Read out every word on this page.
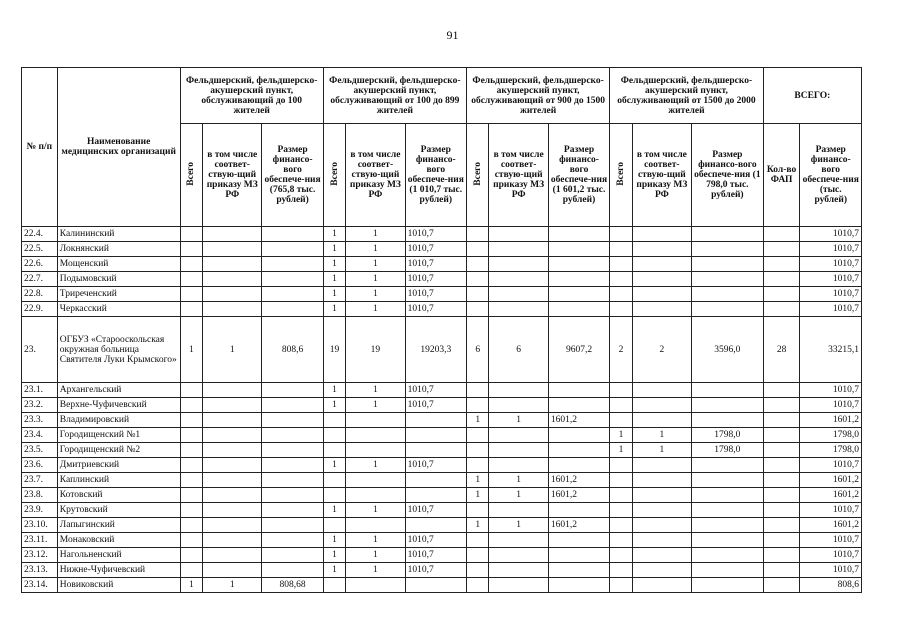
91
№ п/п	Наименование медицинских организаций	Фельдшерский, фельдшерско-акушерский пункт, обслуживающий до 100 жителей			Фельдшерский, фельдшерско-акушерский пункт, обслуживающий от 100 до 899 жителей			Фельдшерский, фельдшерско-акушерский пункт, обслуживающий от 900 до 1500 жителей			Фельдшерский, фельдшерско-акушерский пункт, обслуживающий от 1500 до 2000 жителей			ВСЕГО:	
		Всего	в том числе соответ-ствую-щий приказу МЗ РФ	Размер финансо-вого обеспече-ния (765,8 тыс. рублей)	Всего	в том числе соответ-ствую-щий приказу МЗ РФ	Размер финансо-вого обеспече-ния (1 010,7 тыс. рублей)	Всего	в том числе соответ-ствую-щий приказу МЗ РФ	Размер финансо-вого обеспече-ния (1 601,2 тыс. рублей)	Всего	в том числе соответ-ствую-щий приказу МЗ РФ	Размер финансо-вого обеспече-ния (1 798,0 тыс. рублей)	Кол-во ФАП	Размер финансо-вого обеспече-ния (тыс. рублей)
22.4.	Калининский				1	1	1010,7								1010,7
22.5.	Локнянский				1	1	1010,7								1010,7
22.6.	Мощенский				1	1	1010,7								1010,7
22.7.	Подымовский				1	1	1010,7								1010,7
22.8.	Триреченский				1	1	1010,7								1010,7
22.9.	Черкасский				1	1	1010,7								1010,7
23.	ОГБУЗ «Старооскольская окружная больница Святителя Луки Крымского»	1	1	808,6	19	19	19203,3	6	6	9607,2	2	2	3596,0	28	33215,1
23.1.	Архангельский				1	1	1010,7								1010,7
23.2.	Верхне-Чуфичевский				1	1	1010,7								1010,7
23.3.	Владимировский							1	1	1601,2					1601,2
23.4.	Городищенский №1										1	1	1798,0		1798,0
23.5.	Городищенский №2										1	1	1798,0		1798,0
23.6.	Дмитриевский				1	1	1010,7								1010,7
23.7.	Каплинский							1	1	1601,2					1601,2
23.8.	Котовский							1	1	1601,2					1601,2
23.9.	Крутовский				1	1	1010,7								1010,7
23.10.	Лапыгинский							1	1	1601,2					1601,2
23.11.	Монаковский				1	1	1010,7								1010,7
23.12.	Нагольненский				1	1	1010,7								1010,7
23.13.	Нижне-Чуфичевский				1	1	1010,7								1010,7
23.14.	Новиковский	1	1	808,68											808,6
